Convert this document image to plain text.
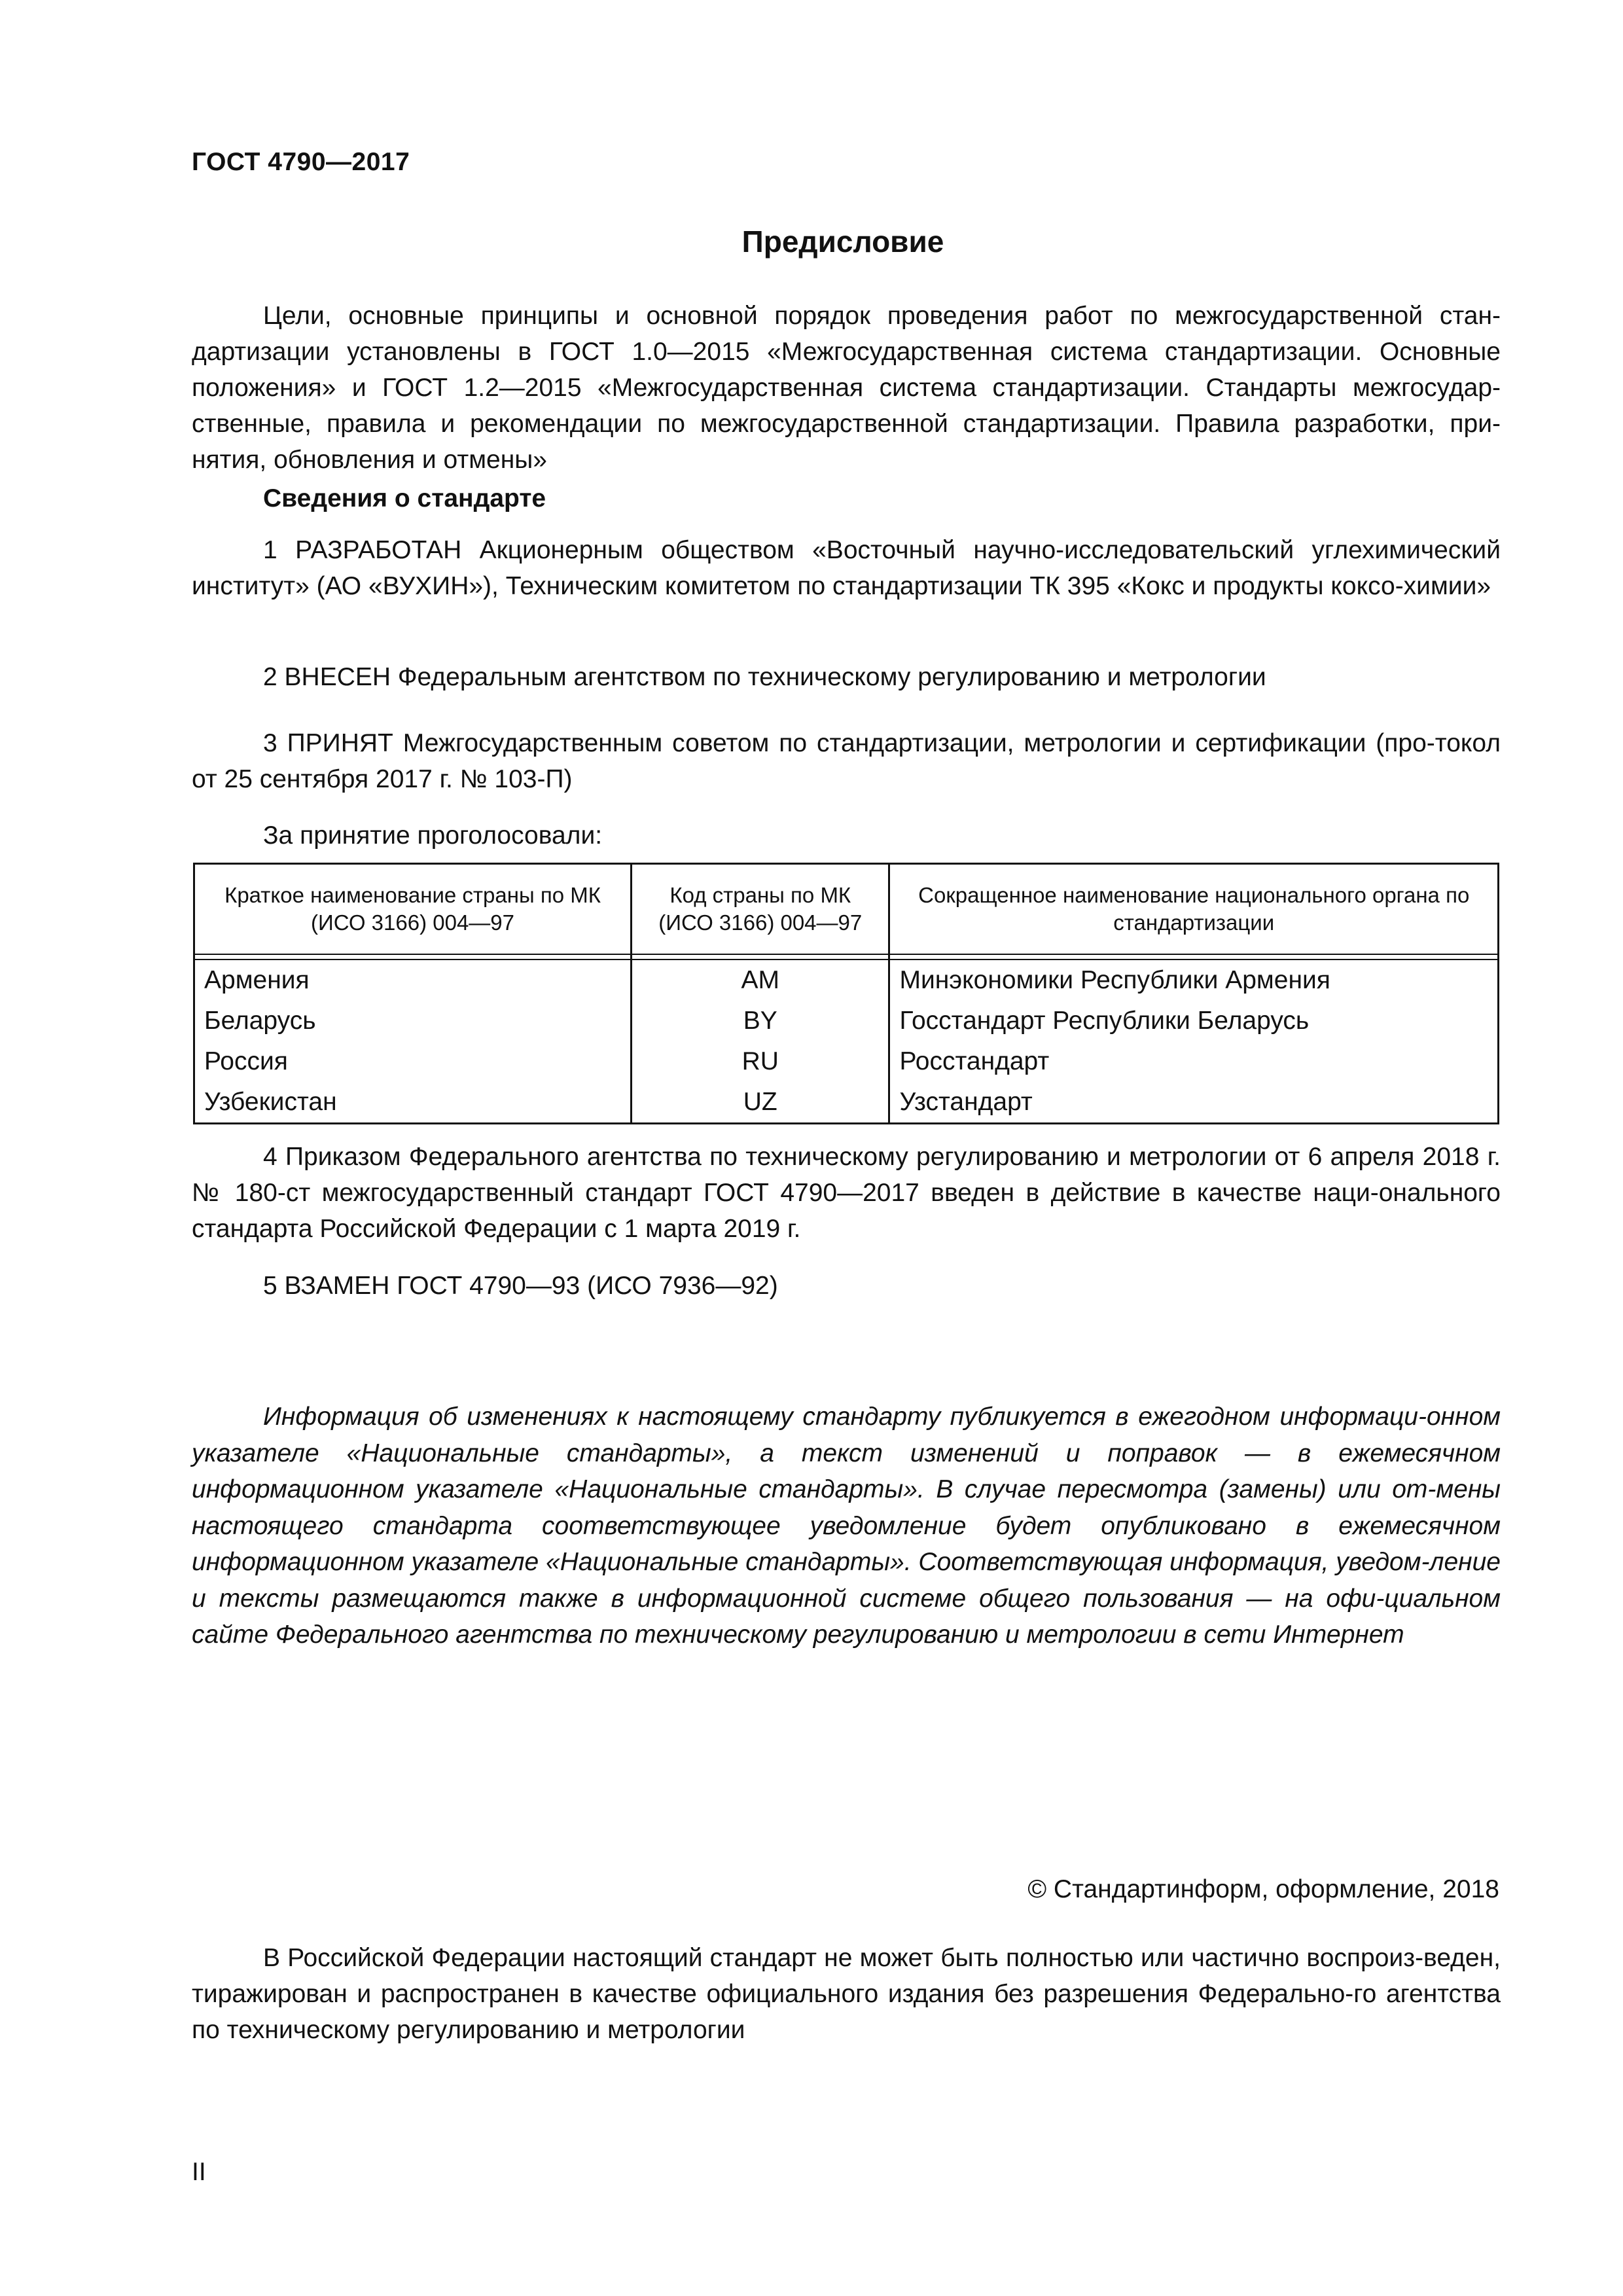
ГОСТ 4790—2017
Предисловие

Цели, основные принципы и основной порядок проведения работ по межгосударственной стан-дартизации установлены в ГОСТ 1.0—2015 «Межгосударственная система стандартизации. Основные положения» и ГОСТ 1.2—2015 «Межгосударственная система стандартизации. Стандарты межгосудар-ственные, правила и рекомендации по межгосударственной стандартизации. Правила разработки, при-нятия, обновления и отмены»

Сведения о стандарте

1 РАЗРАБОТАН Акционерным обществом «Восточный научно-исследовательский углехимический институт» (АО «ВУХИН»), Техническим комитетом по стандартизации ТК 395 «Кокс и продукты коксо-химии»

2 ВНЕСЕН Федеральным агентством по техническому регулированию и метрологии

3 ПРИНЯТ Межгосударственным советом по стандартизации, метрологии и сертификации (про-токол от 25 сентября 2017 г. № 103-П)

За принятие проголосовали:
Краткое наименование страны по МК (ИСО 3166) 004—97	Код страны по МК (ИСО 3166) 004—97	Сокращенное наименование национального органа по стандартизации

Армения	AM	Минэкономики Республики Армения
Беларусь	BY	Госстандарт Республики Беларусь
Россия	RU	Росстандарт
Узбекистан	UZ	Узстандарт

4 Приказом Федерального агентства по техническому регулированию и метрологии от 6 апреля 2018 г. № 180-ст межгосударственный стандарт ГОСТ 4790—2017 введен в действие в качестве наци-онального стандарта Российской Федерации с 1 марта 2019 г.

5 ВЗАМЕН ГОСТ 4790—93 (ИСО 7936—92)

Информация об изменениях к настоящему стандарту публикуется в ежегодном информаци-онном указателе «Национальные стандарты», а текст изменений и поправок — в ежемесячном информационном указателе «Национальные стандарты». В случае пересмотра (замены) или от-мены настоящего стандарта соответствующее уведомление будет опубликовано в ежемесячном информационном указателе «Национальные стандарты». Соответствующая информация, уведом-ление и тексты размещаются также в информационной системе общего пользования — на офи-циальном сайте Федерального агентства по техническому регулированию и метрологии в сети Интернет

© Стандартинформ, оформление, 2018

В Российской Федерации настоящий стандарт не может быть полностью или частично воспроиз-веден, тиражирован и распространен в качестве официального издания без разрешения Федерально-го агентства по техническому регулированию и метрологии

II
